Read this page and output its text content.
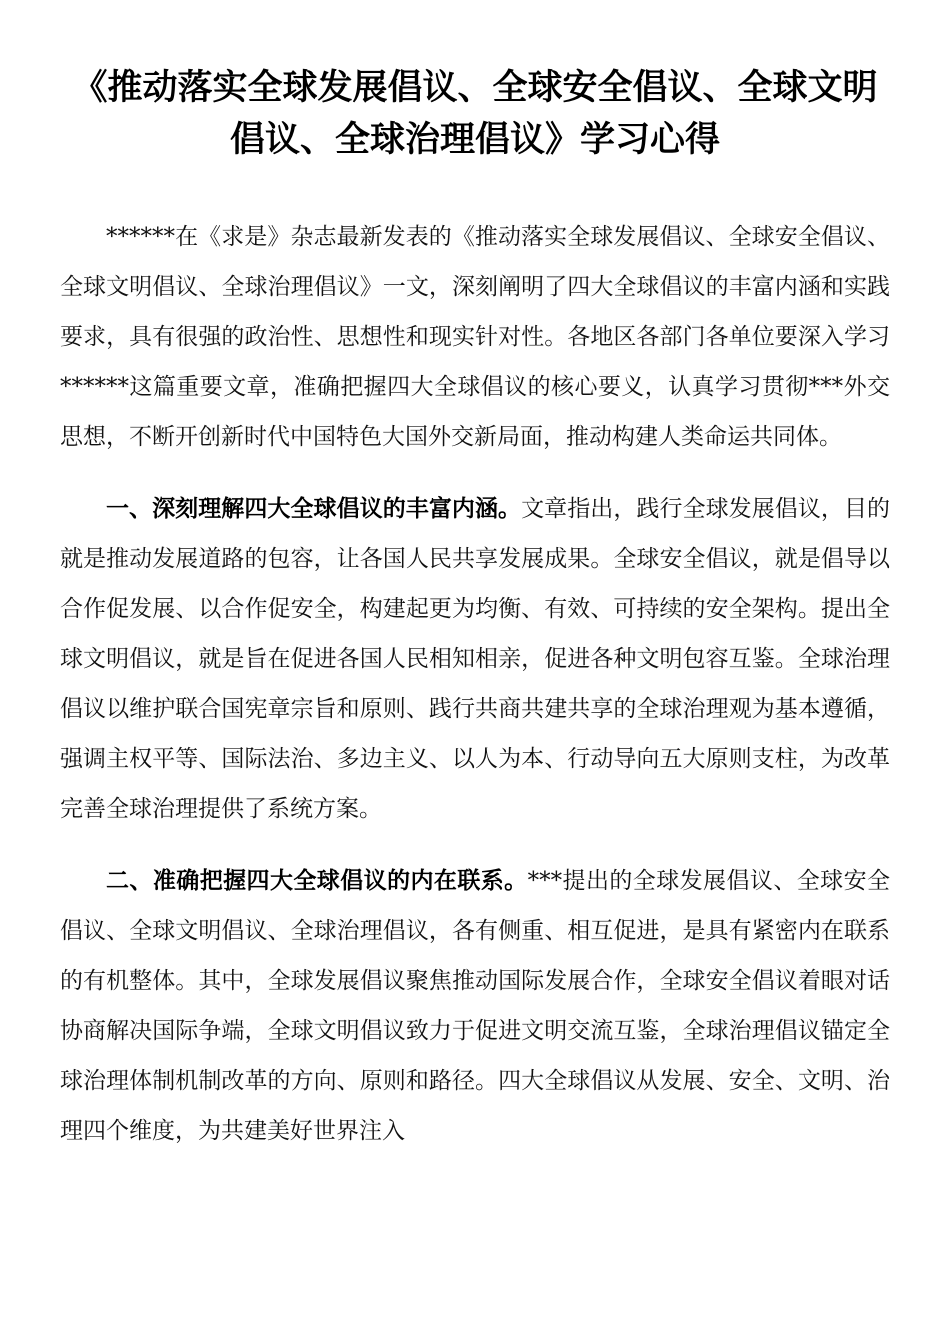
《推动落实全球发展倡议、全球安全倡议、全球文明
倡议、全球治理倡议》学习心得

******在《求是》杂志最新发表的《推动落实全球发展倡议、全球安全倡议、全球文明倡议、全球治理倡议》一文，深刻阐明了四大全球倡议的丰富内涵和实践要求，具有很强的政治性、思想性和现实针对性。各地区各部门各单位要深入学习******这篇重要文章，准确把握四大全球倡议的核心要义，认真学习贯彻***外交思想，不断开创新时代中国特色大国外交新局面，推动构建人类命运共同体。

一、深刻理解四大全球倡议的丰富内涵。文章指出，践行全球发展倡议，目的就是推动发展道路的包容，让各国人民共享发展成果。全球安全倡议，就是倡导以合作促发展、以合作促安全，构建起更为均衡、有效、可持续的安全架构。提出全球文明倡议，就是旨在促进各国人民相知相亲，促进各种文明包容互鉴。全球治理倡议以维护联合国宪章宗旨和原则、践行共商共建共享的全球治理观为基本遵循，强调主权平等、国际法治、多边主义、以人为本、行动导向五大原则支柱，为改革完善全球治理提供了系统方案。

二、准确把握四大全球倡议的内在联系。***提出的全球发展倡议、全球安全倡议、全球文明倡议、全球治理倡议，各有侧重、相互促进，是具有紧密内在联系的有机整体。其中，全球发展倡议聚焦推动国际发展合作，全球安全倡议着眼对话协商解决国际争端，全球文明倡议致力于促进文明交流互鉴，全球治理倡议锚定全球治理体制机制改革的方向、原则和路径。四大全球倡议从发展、安全、文明、治理四个维度，为共建美好世界注入
